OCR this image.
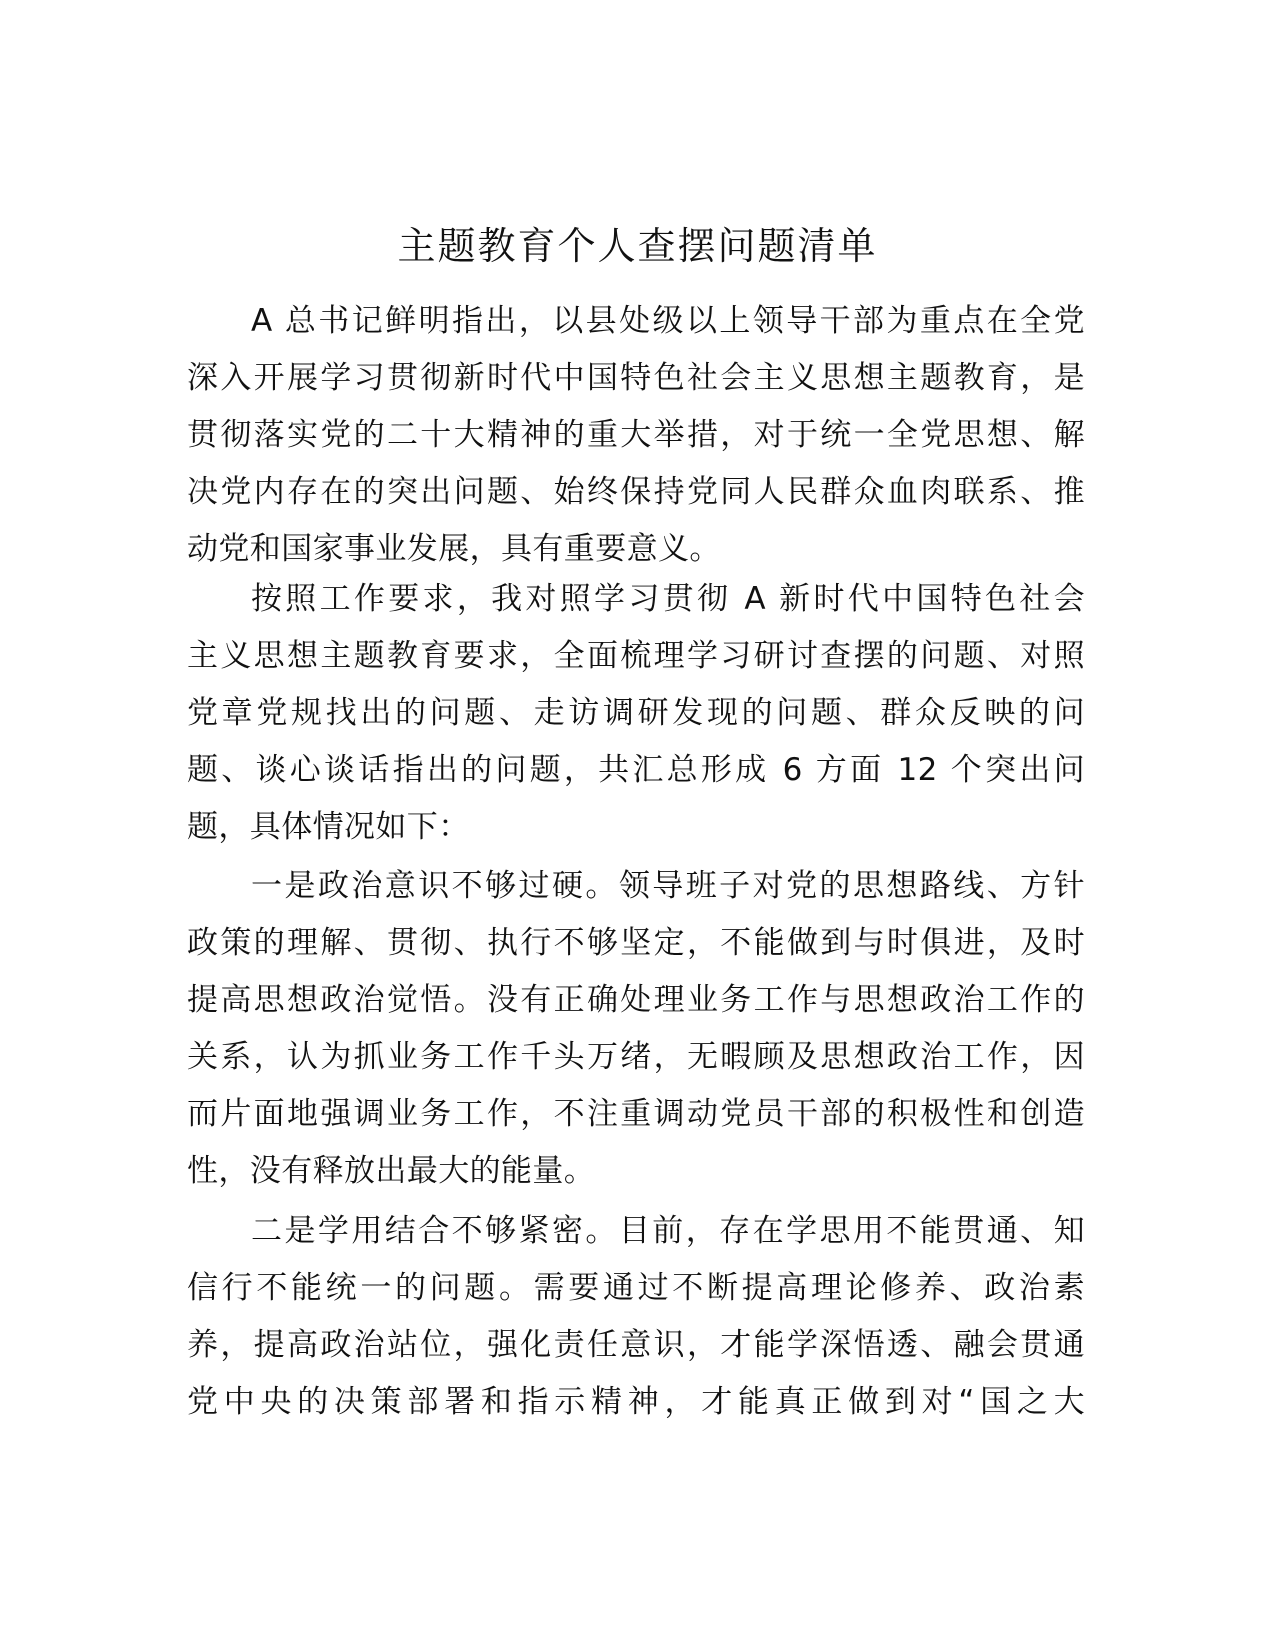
主题教育个人查摆问题清单

A 总书记鲜明指出，以县处级以上领导干部为重点在全党
深入开展学习贯彻新时代中国特色社会主义思想主题教育，是
贯彻落实党的二十大精神的重大举措，对于统一全党思想、解
决党内存在的突出问题、始终保持党同人民群众血肉联系、推
动党和国家事业发展，具有重要意义。

按照工作要求，我对照学习贯彻 A 新时代中国特色社会
主义思想主题教育要求，全面梳理学习研讨查摆的问题、对照
党章党规找出的问题、走访调研发现的问题、群众反映的问
题、谈心谈话指出的问题，共汇总形成 6 方面 12 个突出问
题，具体情况如下：

一是政治意识不够过硬。领导班子对党的思想路线、方针
政策的理解、贯彻、执行不够坚定，不能做到与时俱进，及时
提高思想政治觉悟。没有正确处理业务工作与思想政治工作的
关系，认为抓业务工作千头万绪，无暇顾及思想政治工作，因
而片面地强调业务工作，不注重调动党员干部的积极性和创造
性，没有释放出最大的能量。

二是学用结合不够紧密。目前，存在学思用不能贯通、知
信行不能统一的问题。需要通过不断提高理论修养、政治素
养，提高政治站位，强化责任意识，才能学深悟透、融会贯通
党中央的决策部署和指示精神，才能真正做到对“国之大
